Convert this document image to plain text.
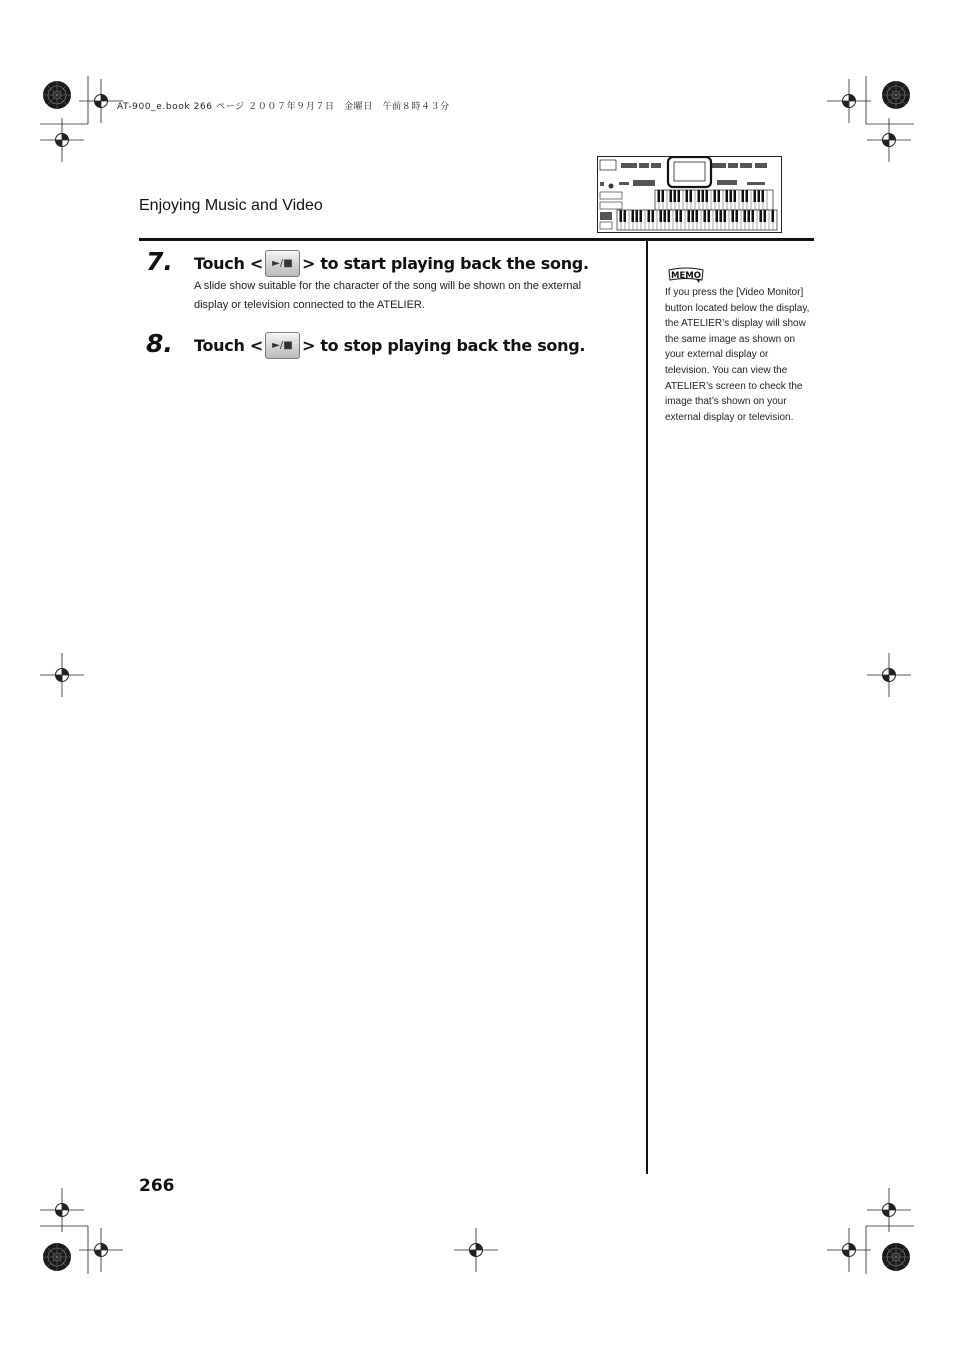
AT-900_e.book 266 ページ ２００７年９月７日　金曜日　午前８時４３分
Enjoying Music and Video
7. Touch < ►/■ > to start playing back the song.
A slide show suitable for the character of the song will be shown on the external display or television connected to the ATELIER.
8. Touch < ►/■ > to stop playing back the song.
MEMO
If you press the [Video Monitor] button located below the display, the ATELIER’s display will show the same image as shown on your external display or television. You can view the ATELIER’s screen to check the image that’s shown on your external display or television.
266
